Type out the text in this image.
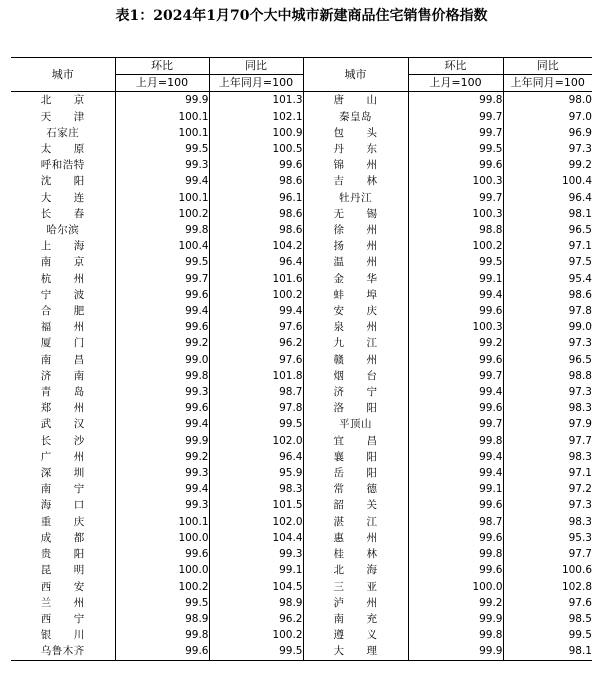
表1：2024年1月70个大中城市新建商品住宅销售价格指数
城市	环比	同比	城市	环比	同比
	上月=100	上年同月=100		上月=100	上年同月=100
北　　京	99.9	101.3	唐　　山	99.8	98.0
天　　津	100.1	102.1	秦皇岛	99.7	97.0
石家庄	100.1	100.9	包　　头	99.7	96.9
太　　原	99.5	100.5	丹　　东	99.5	97.3
呼和浩特	99.3	99.6	锦　　州	99.6	99.2
沈　　阳	99.4	98.6	吉　　林	100.3	100.4
大　　连	100.1	96.1	牡丹江	99.7	96.4
长　　春	100.2	98.6	无　　锡	100.3	98.1
哈尔滨	99.8	98.6	徐　　州	98.8	96.5
上　　海	100.4	104.2	扬　　州	100.2	97.1
南　　京	99.5	96.4	温　　州	99.5	97.5
杭　　州	99.7	101.6	金　　华	99.1	95.4
宁　　波	99.6	100.2	蚌　　埠	99.4	98.6
合　　肥	99.4	99.4	安　　庆	99.6	97.8
福　　州	99.6	97.6	泉　　州	100.3	99.0
厦　　门	99.2	96.2	九　　江	99.2	97.3
南　　昌	99.0	97.6	赣　　州	99.6	96.5
济　　南	99.8	101.8	烟　　台	99.7	98.8
青　　岛	99.3	98.7	济　　宁	99.4	97.3
郑　　州	99.6	97.8	洛　　阳	99.6	98.3
武　　汉	99.4	99.5	平顶山	99.7	97.9
长　　沙	99.9	102.0	宜　　昌	99.8	97.7
广　　州	99.2	96.4	襄　　阳	99.4	98.3
深　　圳	99.3	95.9	岳　　阳	99.4	97.1
南　　宁	99.4	98.3	常　　德	99.1	97.2
海　　口	99.3	101.5	韶　　关	99.6	97.3
重　　庆	100.1	102.0	湛　　江	98.7	98.3
成　　都	100.0	104.4	惠　　州	99.6	95.3
贵　　阳	99.6	99.3	桂　　林	99.8	97.7
昆　　明	100.0	99.1	北　　海	99.6	100.6
西　　安	100.2	104.5	三　　亚	100.0	102.8
兰　　州	99.5	98.9	泸　　州	99.2	97.6
西　　宁	98.9	96.2	南　　充	99.9	98.5
银　　川	99.8	100.2	遵　　义	99.8	99.5
乌鲁木齐	99.6	99.5	大　　理	99.9	98.1
